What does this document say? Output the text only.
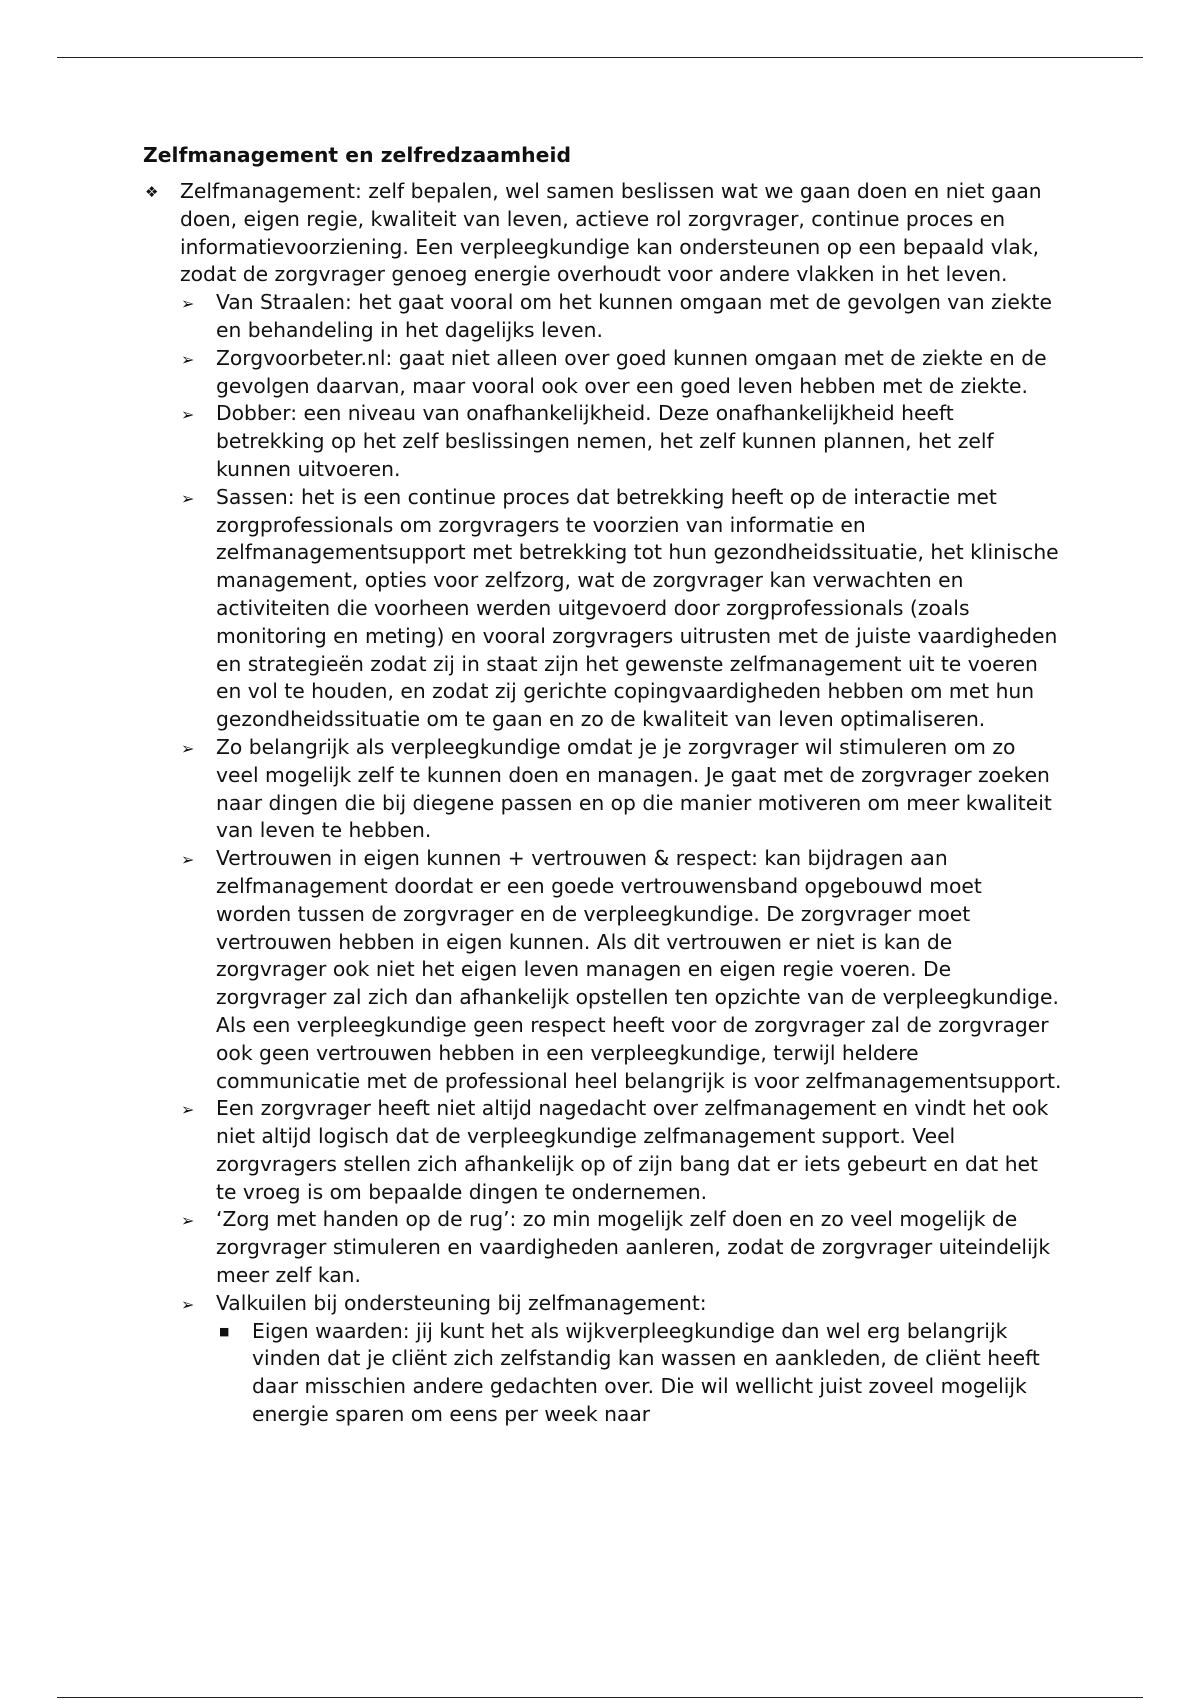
Zelfmanagement en zelfredzaamheid
❖	Zelfmanagement: zelf bepalen, wel samen beslissen wat we gaan doen en niet gaan doen, eigen regie, kwaliteit van leven, actieve rol zorgvrager, continue proces en informatievoorziening. Een verpleegkundige kan ondersteunen op een bepaald vlak, zodat de zorgvrager genoeg energie overhoudt voor andere vlakken in het leven.
➢	Van Straalen: het gaat vooral om het kunnen omgaan met de gevolgen van ziekte en behandeling in het dagelijks leven.
➢	Zorgvoorbeter.nl: gaat niet alleen over goed kunnen omgaan met de ziekte en de gevolgen daarvan, maar vooral ook over een goed leven hebben met de ziekte.
➢	Dobber: een niveau van onafhankelijkheid. Deze onafhankelijkheid heeft betrekking op het zelf beslissingen nemen, het zelf kunnen plannen, het zelf kunnen uitvoeren.
➢	Sassen: het is een continue proces dat betrekking heeft op de interactie met zorgprofessionals om zorgvragers te voorzien van informatie en zelfmanagementsupport met betrekking tot hun gezondheidssituatie, het klinische management, opties voor zelfzorg, wat de zorgvrager kan verwachten en activiteiten die voorheen werden uitgevoerd door zorgprofessionals (zoals monitoring en meting) en vooral zorgvragers uitrusten met de juiste vaardigheden en strategieën zodat zij in staat zijn het gewenste zelfmanagement uit te voeren en vol te houden, en zodat zij gerichte copingvaardigheden hebben om met hun gezondheidssituatie om te gaan en zo de kwaliteit van leven optimaliseren.
➢	Zo belangrijk als verpleegkundige omdat je je zorgvrager wil stimuleren om zo veel mogelijk zelf te kunnen doen en managen. Je gaat met de zorgvrager zoeken naar dingen die bij diegene passen en op die manier motiveren om meer kwaliteit van leven te hebben.
➢	Vertrouwen in eigen kunnen + vertrouwen & respect: kan bijdragen aan zelfmanagement doordat er een goede vertrouwensband opgebouwd moet worden tussen de zorgvrager en de verpleegkundige. De zorgvrager moet vertrouwen hebben in eigen kunnen. Als dit vertrouwen er niet is kan de zorgvrager ook niet het eigen leven managen en eigen regie voeren. De zorgvrager zal zich dan afhankelijk opstellen ten opzichte van de verpleegkundige. Als een verpleegkundige geen respect heeft voor de zorgvrager zal de zorgvrager ook geen vertrouwen hebben in een verpleegkundige, terwijl heldere communicatie met de professional heel belangrijk is voor zelfmanagementsupport.
➢	Een zorgvrager heeft niet altijd nagedacht over zelfmanagement en vindt het ook niet altijd logisch dat de verpleegkundige zelfmanagement support. Veel zorgvragers stellen zich afhankelijk op of zijn bang dat er iets gebeurt en dat het te vroeg is om bepaalde dingen te ondernemen.
➢	‘Zorg met handen op de rug’: zo min mogelijk zelf doen en zo veel mogelijk de zorgvrager stimuleren en vaardigheden aanleren, zodat de zorgvrager uiteindelijk meer zelf kan.
➢	Valkuilen bij ondersteuning bij zelfmanagement:
■	Eigen waarden: jij kunt het als wijkverpleegkundige dan wel erg belangrijk vinden dat je cliënt zich zelfstandig kan wassen en aankleden, de cliënt heeft daar misschien andere gedachten over. Die wil wellicht juist zoveel mogelijk energie sparen om eens per week naar
